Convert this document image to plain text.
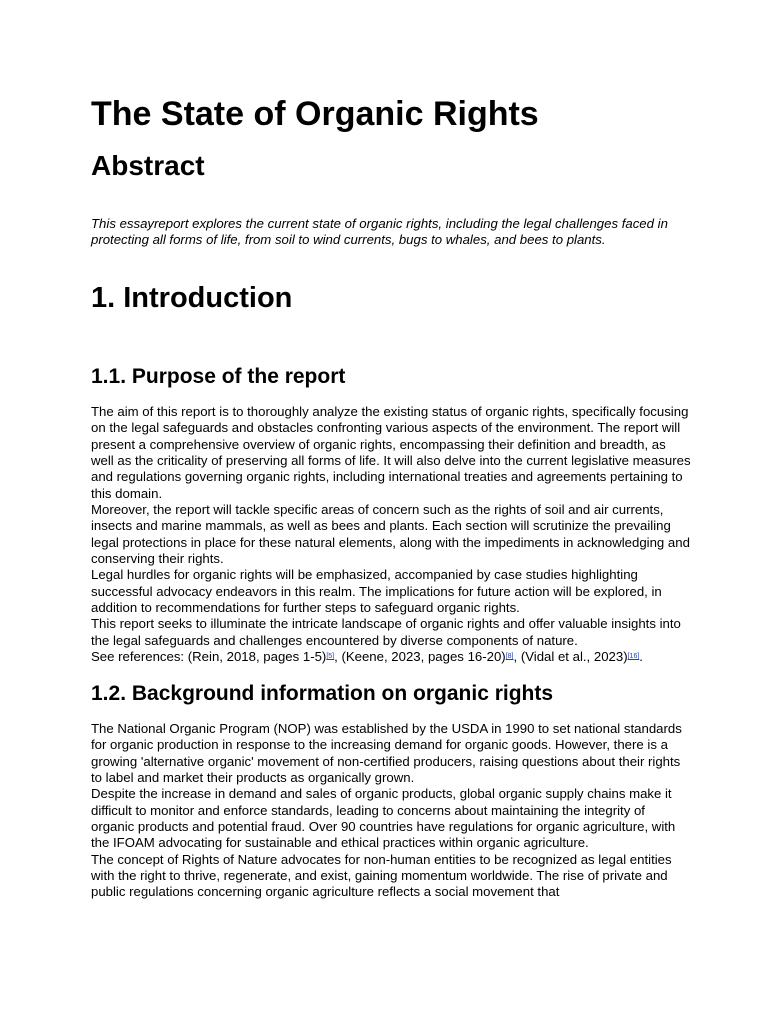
The State of Organic Rights
Abstract

This essayreport explores the current state of organic rights, including the legal challenges faced in protecting all forms of life, from soil to wind currents, bugs to whales, and bees to plants.

1. Introduction
1.1. Purpose of the report

The aim of this report is to thoroughly analyze the existing status of organic rights, specifically focusing on the legal safeguards and obstacles confronting various aspects of the environment. The report will present a comprehensive overview of organic rights, encompassing their definition and breadth, as well as the criticality of preserving all forms of life. It will also delve into the current legislative measures and regulations governing organic rights, including international treaties and agreements pertaining to this domain.

Moreover, the report will tackle specific areas of concern such as the rights of soil and air currents, insects and marine mammals, as well as bees and plants. Each section will scrutinize the prevailing legal protections in place for these natural elements, along with the impediments in acknowledging and conserving their rights.

Legal hurdles for organic rights will be emphasized, accompanied by case studies highlighting successful advocacy endeavors in this realm. The implications for future action will be explored, in addition to recommendations for further steps to safeguard organic rights.

This report seeks to illuminate the intricate landscape of organic rights and offer valuable insights into the legal safeguards and challenges encountered by diverse components of nature.

See references: (Rein, 2018, pages 1-5)[5], (Keene, 2023, pages 16-20)[8], (Vidal et al., 2023)[16].

1.2. Background information on organic rights

The National Organic Program (NOP) was established by the USDA in 1990 to set national standards for organic production in response to the increasing demand for organic goods. However, there is a growing 'alternative organic' movement of non-certified producers, raising questions about their rights to label and market their products as organically grown.

Despite the increase in demand and sales of organic products, global organic supply chains make it difficult to monitor and enforce standards, leading to concerns about maintaining the integrity of organic products and potential fraud. Over 90 countries have regulations for organic agriculture, with the IFOAM advocating for sustainable and ethical practices within organic agriculture.

The concept of Rights of Nature advocates for non-human entities to be recognized as legal entities with the right to thrive, regenerate, and exist, gaining momentum worldwide. The rise of private and public regulations concerning organic agriculture reflects a social movement that
